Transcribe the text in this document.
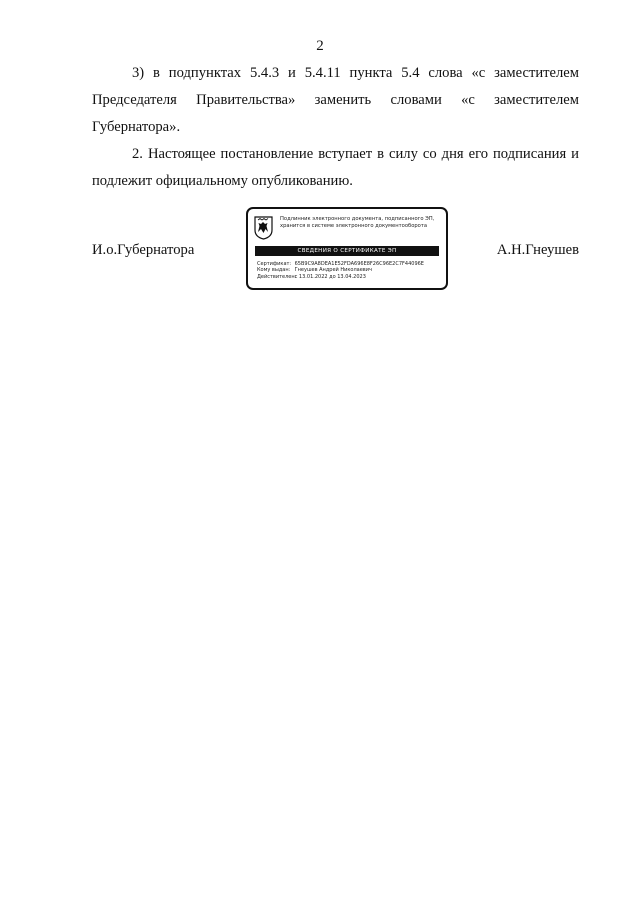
2

3) в подпунктах 5.4.3 и 5.4.11 пункта 5.4 слова «с заместителем Председателя Правительства» заменить словами «с заместителем Губернатора».

2. Настоящее постановление вступает в силу со дня его подписания и подлежит официальному опубликованию.

И.о.Губернатора
Подлинник электронного документа, подписанного ЭП,
хранится в системе электронного документооборота
СВЕДЕНИЯ О СЕРТИФИКАТЕ ЭП
Сертификат: 65B9C9A8DEA1E52FDA696E8F26C96E2C7F44096E
Кому выдан: Гнеушев Андрей Николаевич
Действителен: с 13.01.2022 до 13.04.2023
А.Н.Гнеушев
